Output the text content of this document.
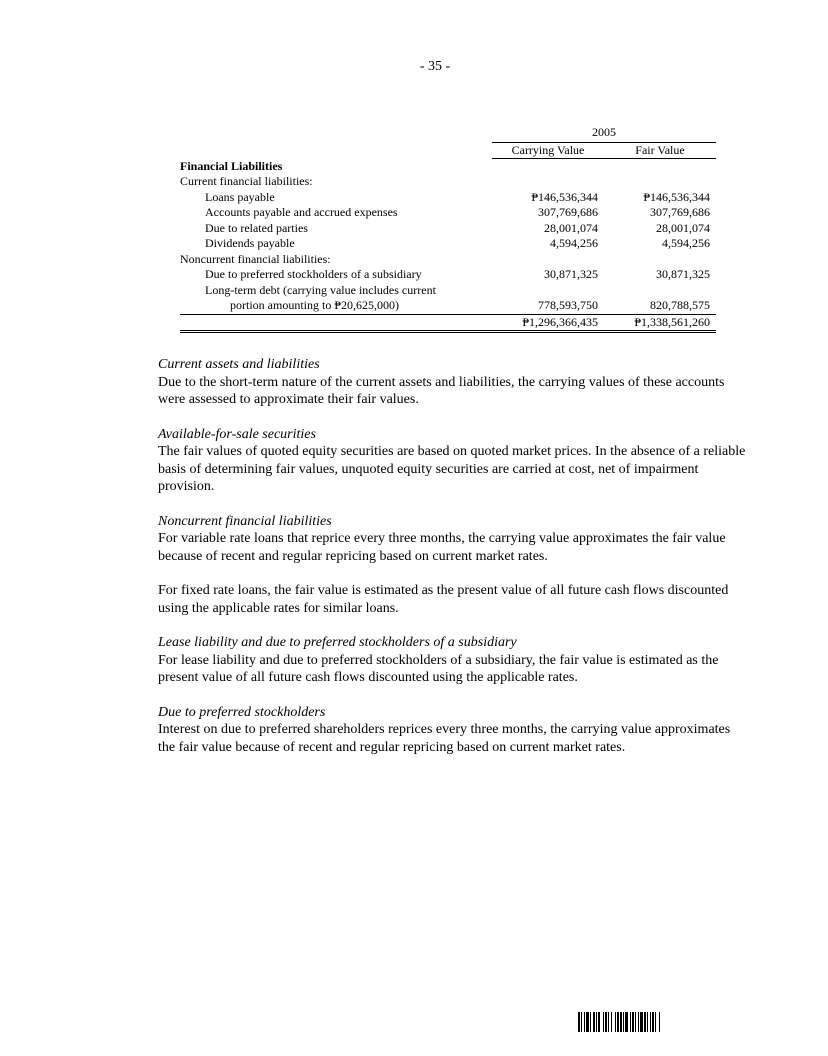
- 35 -
	2005	
	Carrying Value	Fair Value
Financial Liabilities		
Current financial liabilities:		
Loans payable	₱146,536,344	₱146,536,344
Accounts payable and accrued expenses	307,769,686	307,769,686
Due to related parties	28,001,074	28,001,074
Dividends payable	4,594,256	4,594,256
Noncurrent financial liabilities:		
Due to preferred stockholders of a subsidiary	30,871,325	30,871,325
Long-term debt (carrying value includes current		
portion amounting to ₱20,625,000)	778,593,750	820,788,575
	₱1,296,366,435	₱1,338,561,260

Current assets and liabilities
Due to the short-term nature of the current assets and liabilities, the carrying values of these accounts were assessed to approximate their fair values.

Available-for-sale securities
The fair values of quoted equity securities are based on quoted market prices. In the absence of a reliable basis of determining fair values, unquoted equity securities are carried at cost, net of impairment provision.

Noncurrent financial liabilities
For variable rate loans that reprice every three months, the carrying value approximates the fair value because of recent and regular repricing based on current market rates.

For fixed rate loans, the fair value is estimated as the present value of all future cash flows discounted using the applicable rates for similar loans.

Lease liability and due to preferred stockholders of a subsidiary
For lease liability and due to preferred stockholders of a subsidiary, the fair value is estimated as the present value of all future cash flows discounted using the applicable rates.

Due to preferred stockholders
Interest on due to preferred shareholders reprices every three months, the carrying value approximates the fair value because of recent and regular repricing based on current market rates.
